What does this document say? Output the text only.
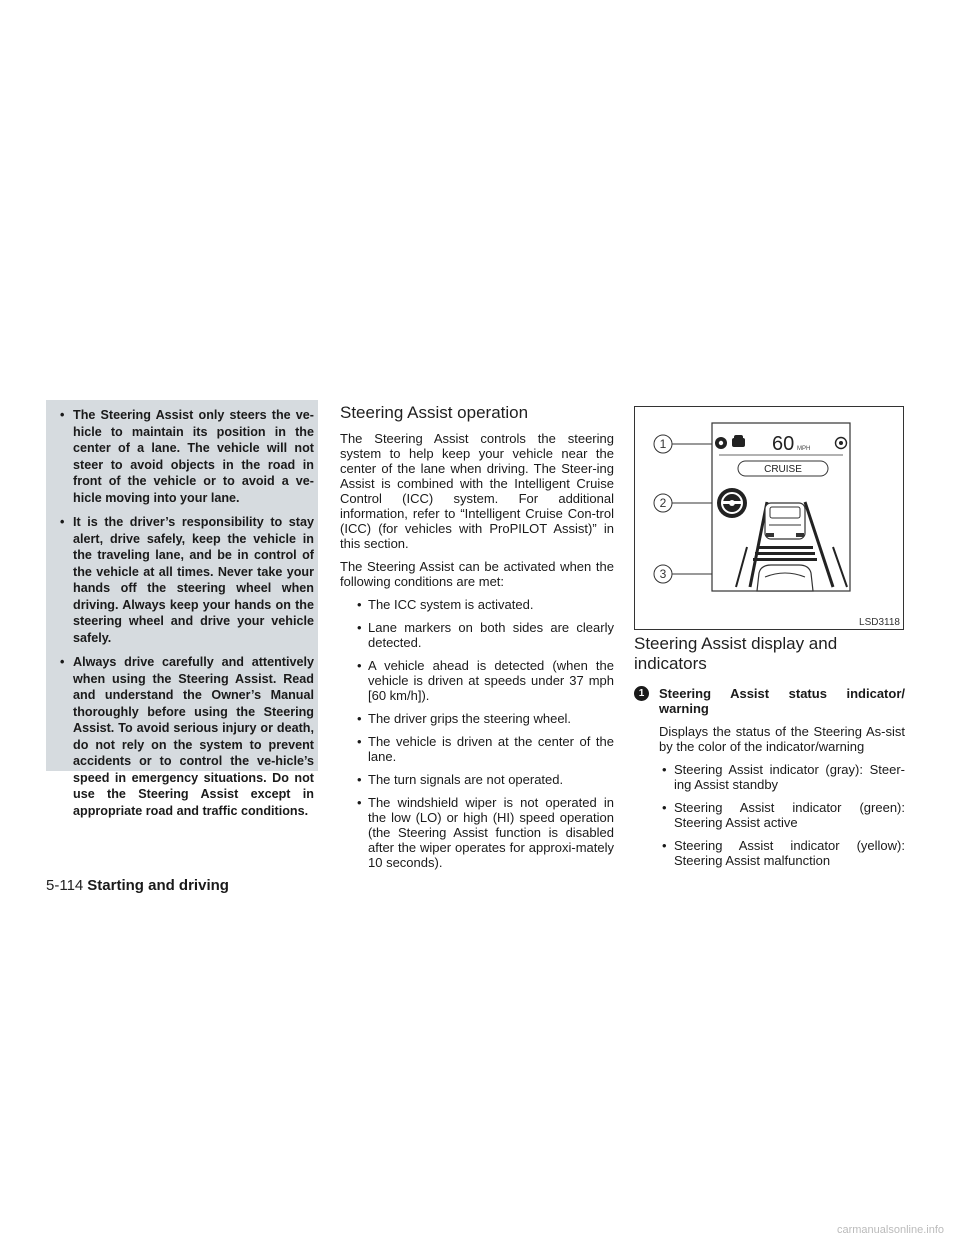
• The Steering Assist only steers the ve-hicle to maintain its position in the center of a lane. The vehicle will not steer to avoid objects in the road in front of the vehicle or to avoid a ve-hicle moving into your lane.
• It is the driver’s responsibility to stay alert, drive safely, keep the vehicle in the traveling lane, and be in control of the vehicle at all times. Never take your hands off the steering wheel when driving. Always keep your hands on the steering wheel and drive your vehicle safely.
• Always drive carefully and attentively when using the Steering Assist. Read and understand the Owner’s Manual thoroughly before using the Steering Assist. To avoid serious injury or death, do not rely on the system to prevent accidents or to control the ve-hicle’s speed in emergency situations. Do not use the Steering Assist except in appropriate road and traffic conditions.
Steering Assist operation

The Steering Assist controls the steering system to help keep your vehicle near the center of the lane when driving. The Steer-ing Assist is combined with the Intelligent Cruise Control (ICC) system. For additional information, refer to “Intelligent Cruise Con-trol (ICC) (for vehicles with ProPILOT Assist)” in this section.

The Steering Assist can be activated when the following conditions are met:

• The ICC system is activated.
• Lane markers on both sides are clearly detected.
• A vehicle ahead is detected (when the vehicle is driven at speeds under 37 mph [60 km/h]).
• The driver grips the steering wheel.
• The vehicle is driven at the center of the lane.
• The turn signals are not operated.
• The windshield wiper is not operated in the low (LO) or high (HI) speed operation (the Steering Assist function is disabled after the wiper operates for approxi-mately 10 seconds).
1
2
3
60 MPH
CRUISE
LSD3118
Steering Assist display and indicators
1	Steering Assist status indicator/ warning

Displays the status of the Steering As-sist by the color of the indicator/warning

• Steering Assist indicator (gray): Steer-ing Assist standby
• Steering Assist indicator (green): Steering Assist active
• Steering Assist indicator (yellow): Steering Assist malfunction
5-114 Starting and driving
carmanualsonline.info
